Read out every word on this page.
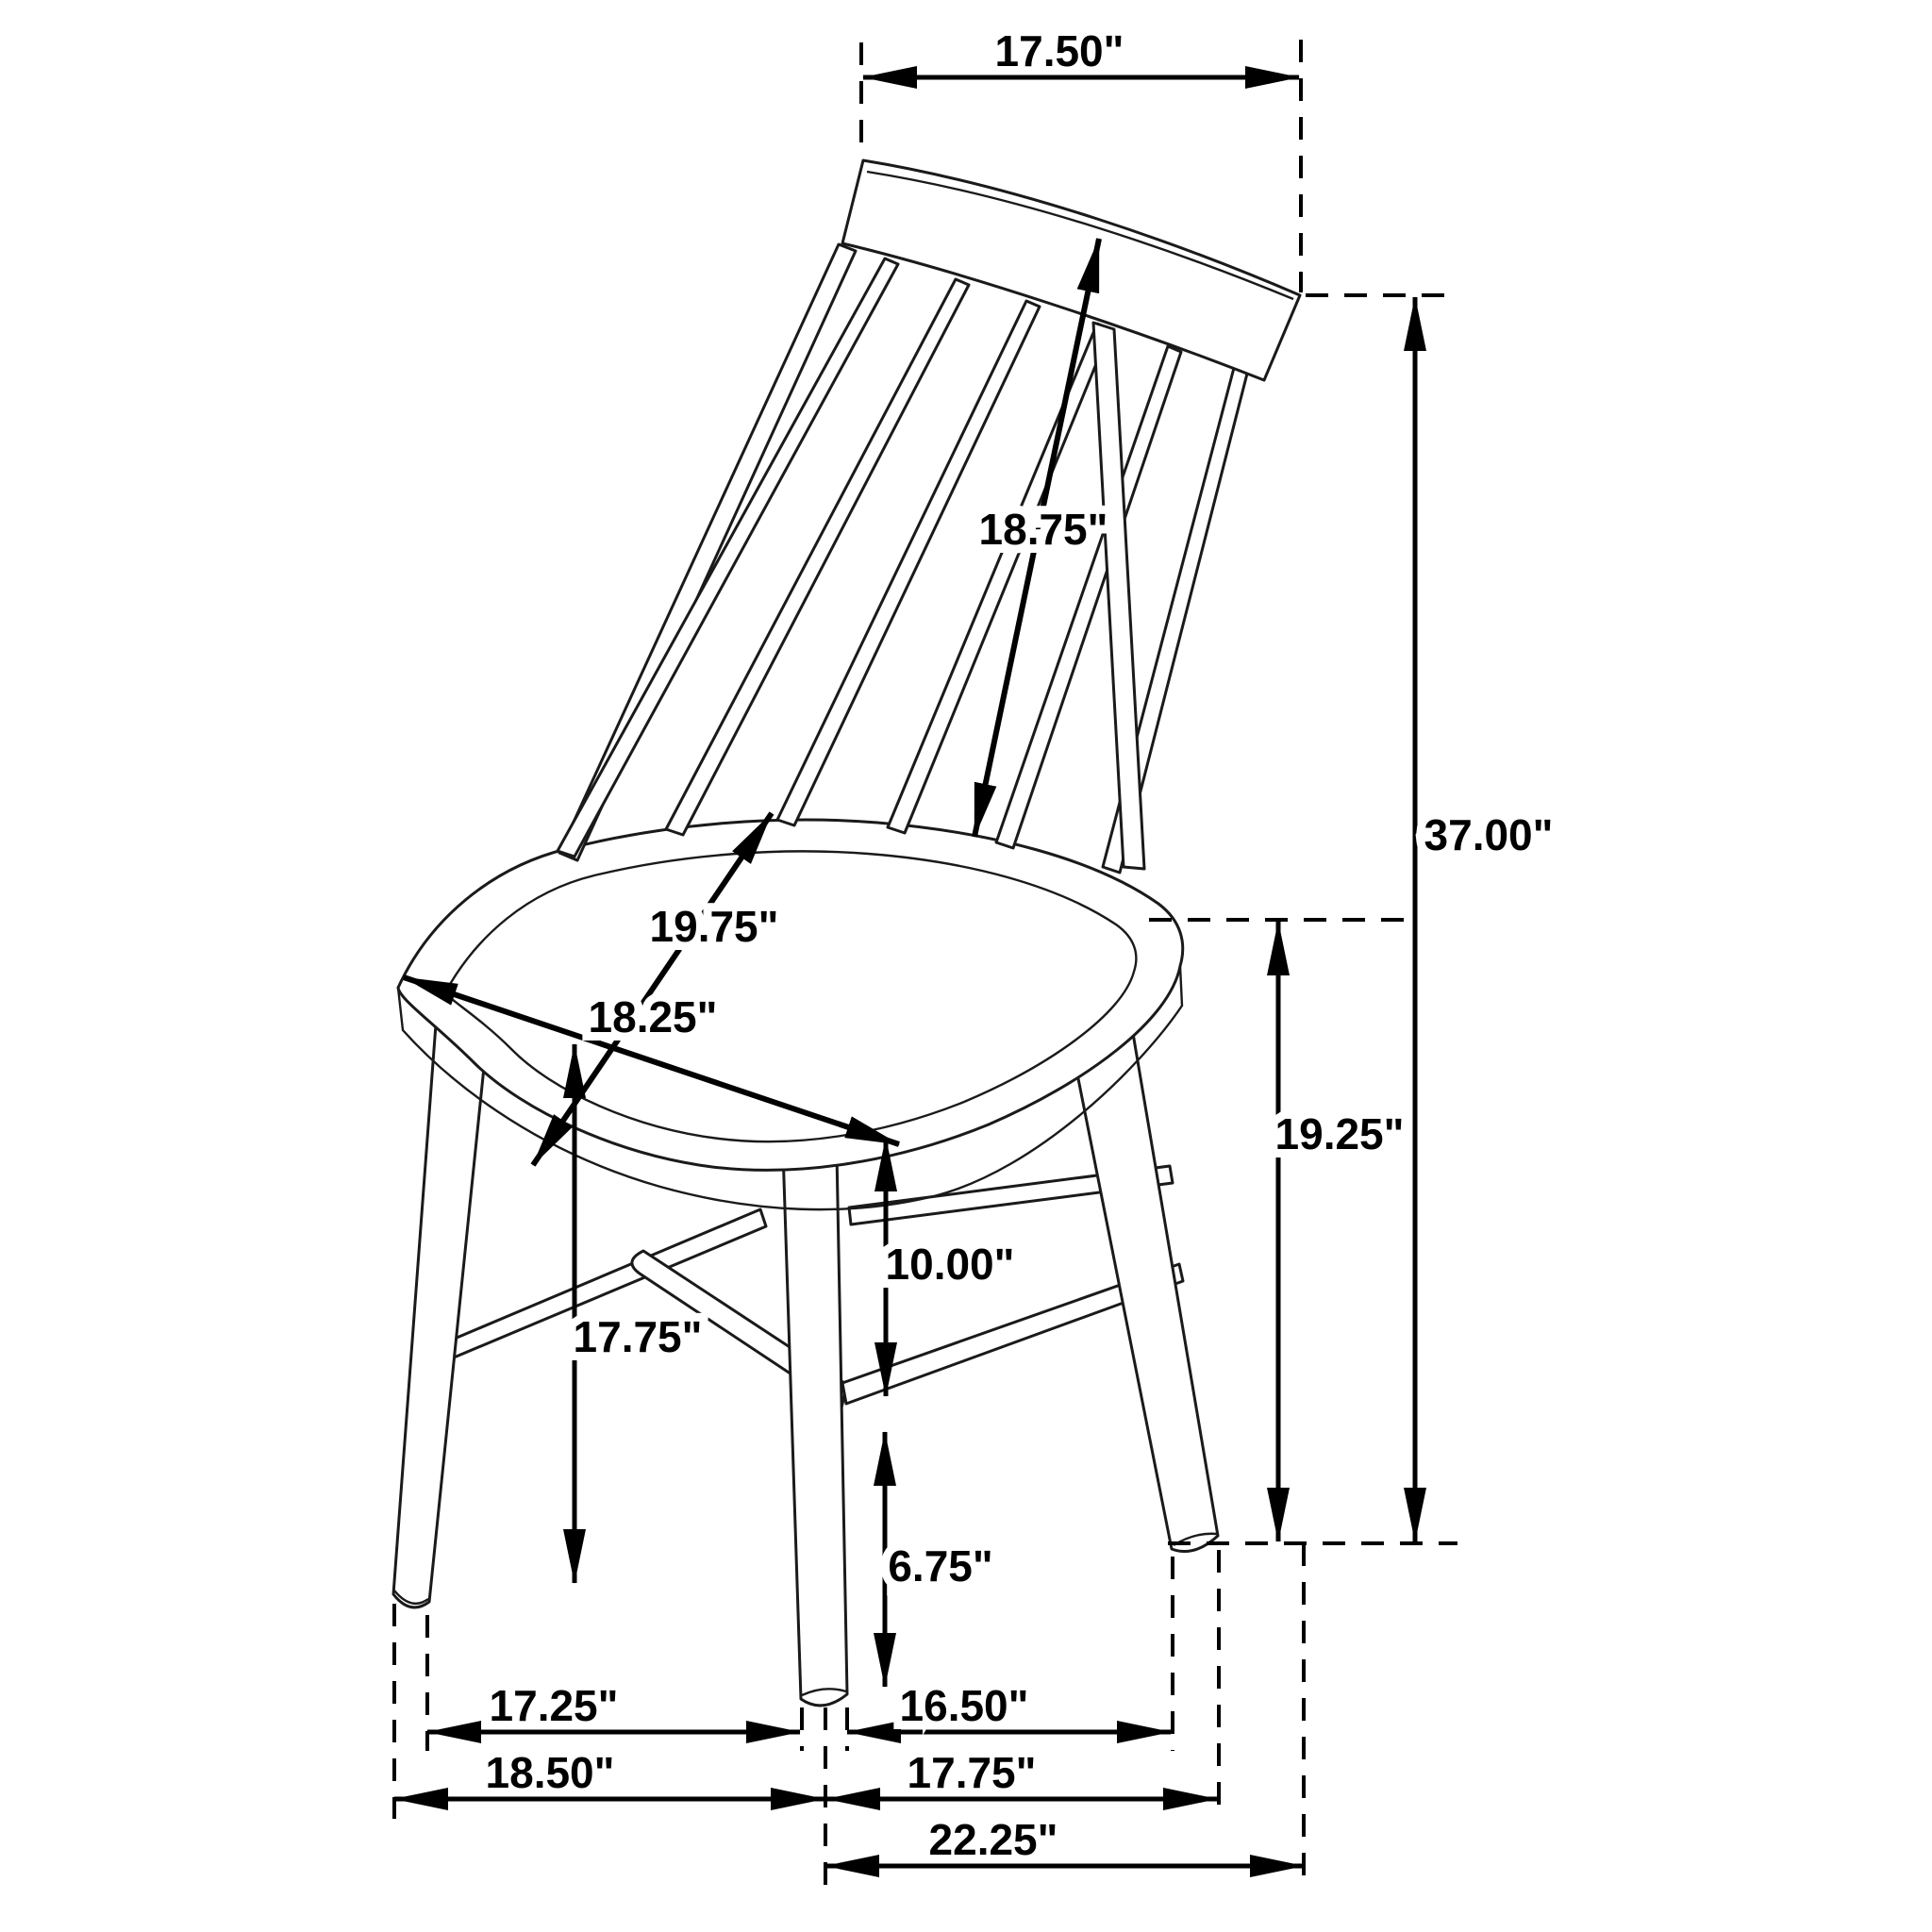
17.50"
18.75"
37.00"
19.75"
18.25"
19.25"
10.00"
17.75"
6.75"
17.25"	16.50"
18.50"	17.75"
22.25"
